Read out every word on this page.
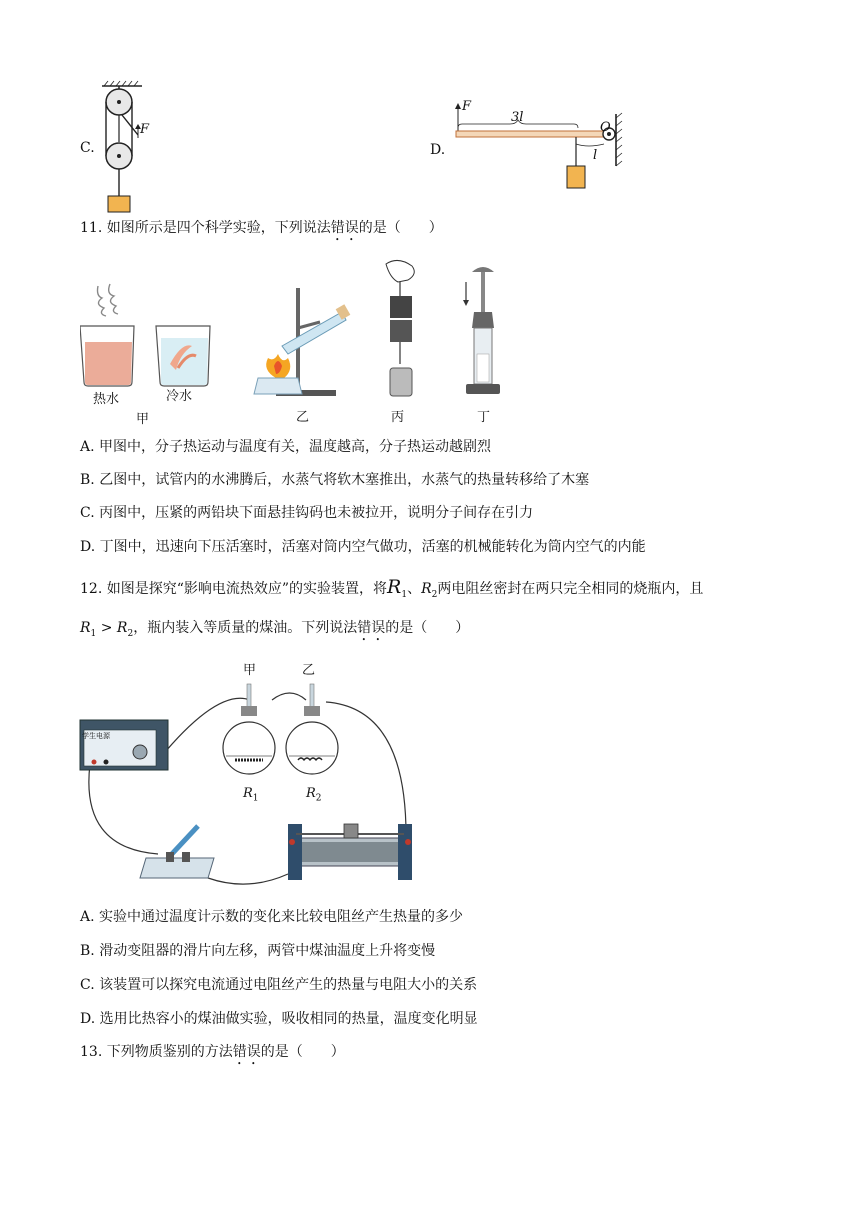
C.
F
D.
F
3l
O
l
11. 如图所示是四个科学实验，下列说法错误的是（　　）
热水	冷水
甲	乙	丙	丁
A. 甲图中，分子热运动与温度有关，温度越高，分子热运动越剧烈
B. 乙图中，试管内的水沸腾后，水蒸气将软木塞推出，水蒸气的热量转移给了木塞
C. 丙图中，压紧的两铅块下面悬挂钩码也未被拉开，说明分子间存在引力
D. 丁图中，迅速向下压活塞时，活塞对筒内空气做功，活塞的机械能转化为筒内空气的内能
12. 如图是探究“影响电流热效应”的实验装置，将$R_1$、$R_2$两电阻丝密封在两只完全相同的烧瓶内，且
$R_1 > R_2$，瓶内装入等质量的煤油。下列说法错误的是（　　）
学生电源
甲	乙
$R_1$	$R_2$
A. 实验中通过温度计示数的变化来比较电阻丝产生热量的多少
B. 滑动变阻器的滑片向左移，两管中煤油温度上升将变慢
C. 该装置可以探究电流通过电阻丝产生的热量与电阻大小的关系
D. 选用比热容小的煤油做实验，吸收相同的热量，温度变化明显
13. 下列物质鉴别的方法错误的是（　　）
